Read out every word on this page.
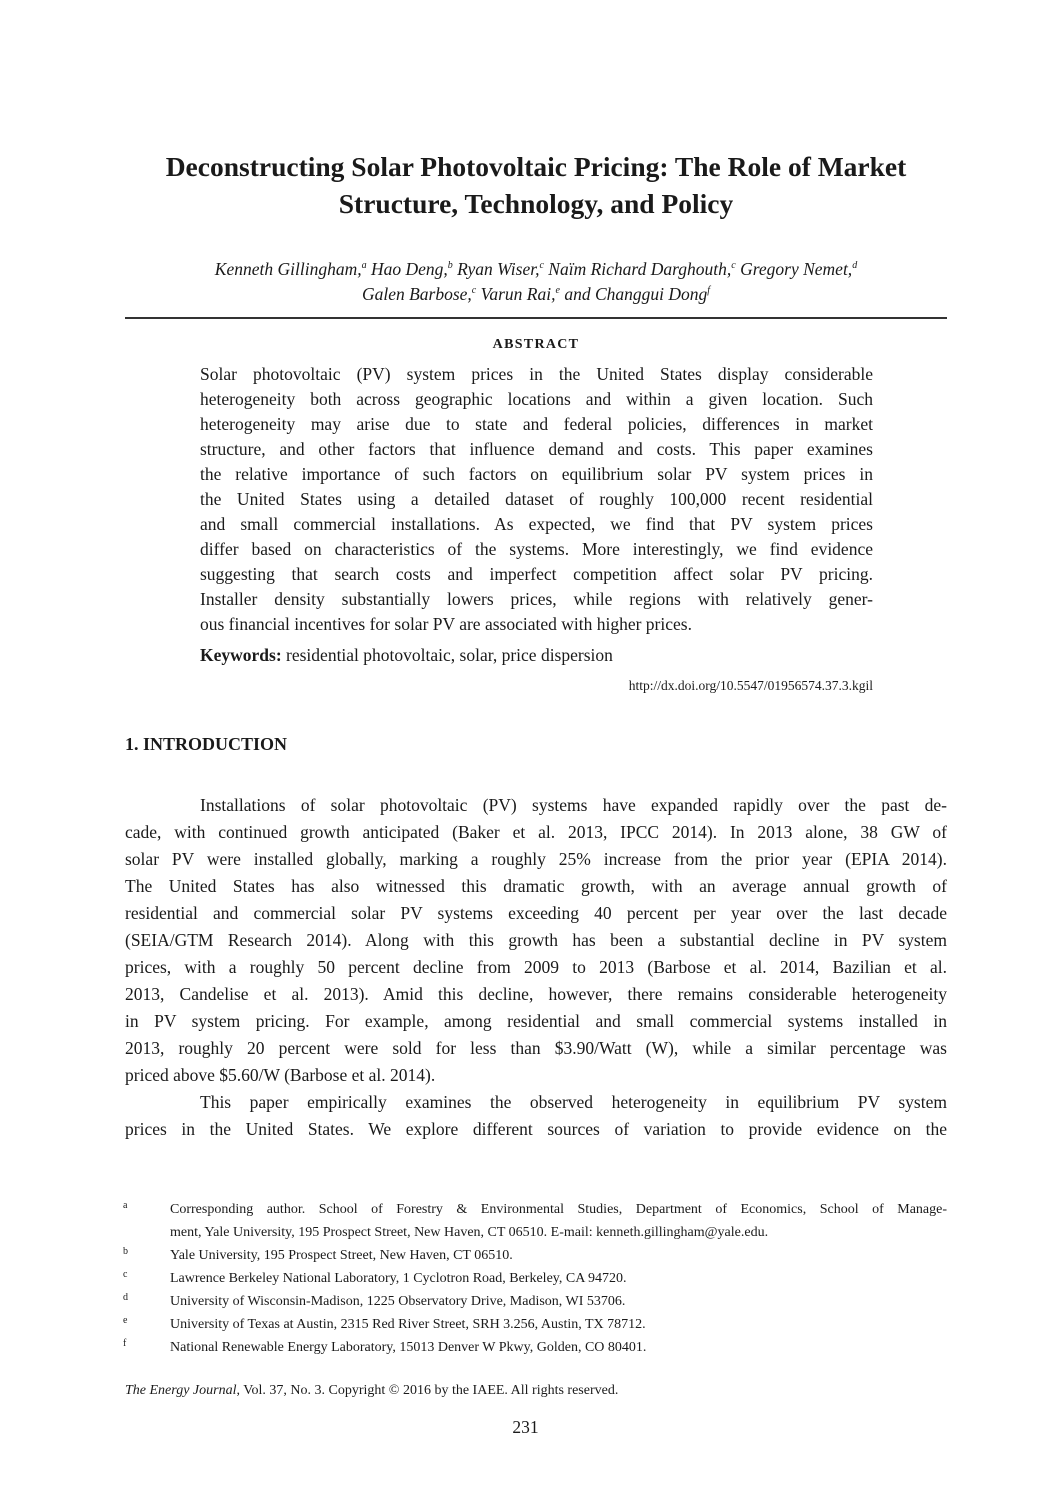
Deconstructing Solar Photovoltaic Pricing: The Role of Market
Structure, Technology, and Policy
Kenneth Gillingham,$^a$ Hao Deng,$^b$ Ryan Wiser,$^c$ Naïm Richard Darghouth,$^c$ Gregory Nemet,$^d$
Galen Barbose,$^c$ Varun Rai,$^e$ and Changgui Dong$^f$
ABSTRACT
Solar photovoltaic (PV) system prices in the United States display considerable
heterogeneity both across geographic locations and within a given location. Such
heterogeneity may arise due to state and federal policies, differences in market
structure, and other factors that influence demand and costs. This paper examines
the relative importance of such factors on equilibrium solar PV system prices in
the United States using a detailed dataset of roughly 100,000 recent residential
and small commercial installations. As expected, we find that PV system prices
differ based on characteristics of the systems. More interestingly, we find evidence
suggesting that search costs and imperfect competition affect solar PV pricing.
Installer density substantially lowers prices, while regions with relatively gener-
ous financial incentives for solar PV are associated with higher prices.
Keywords: residential photovoltaic, solar, price dispersion
http://dx.doi.org/10.5547/01956574.37.3.kgil
1. INTRODUCTION
Installations of solar photovoltaic (PV) systems have expanded rapidly over the past de-
cade, with continued growth anticipated (Baker et al. 2013, IPCC 2014). In 2013 alone, 38 GW of
solar PV were installed globally, marking a roughly 25% increase from the prior year (EPIA 2014).
The United States has also witnessed this dramatic growth, with an average annual growth of
residential and commercial solar PV systems exceeding 40 percent per year over the last decade
(SEIA/GTM Research 2014). Along with this growth has been a substantial decline in PV system
prices, with a roughly 50 percent decline from 2009 to 2013 (Barbose et al. 2014, Bazilian et al.
2013, Candelise et al. 2013). Amid this decline, however, there remains considerable heterogeneity
in PV system pricing. For example, among residential and small commercial systems installed in
2013, roughly 20 percent were sold for less than $3.90/Watt (W), while a similar percentage was
priced above $5.60/W (Barbose et al. 2014).
This paper empirically examines the observed heterogeneity in equilibrium PV system
prices in the United States. We explore different sources of variation to provide evidence on the
a	Corresponding author. School of Forestry & Environmental Studies, Department of Economics, School of Manage-
ment, Yale University, 195 Prospect Street, New Haven, CT 06510. E-mail: kenneth.gillingham@yale.edu.
b	Yale University, 195 Prospect Street, New Haven, CT 06510.
c	Lawrence Berkeley National Laboratory, 1 Cyclotron Road, Berkeley, CA 94720.
d	University of Wisconsin-Madison, 1225 Observatory Drive, Madison, WI 53706.
e	University of Texas at Austin, 2315 Red River Street, SRH 3.256, Austin, TX 78712.
f	National Renewable Energy Laboratory, 15013 Denver W Pkwy, Golden, CO 80401.
The Energy Journal, Vol. 37, No. 3. Copyright © 2016 by the IAEE. All rights reserved.
231
